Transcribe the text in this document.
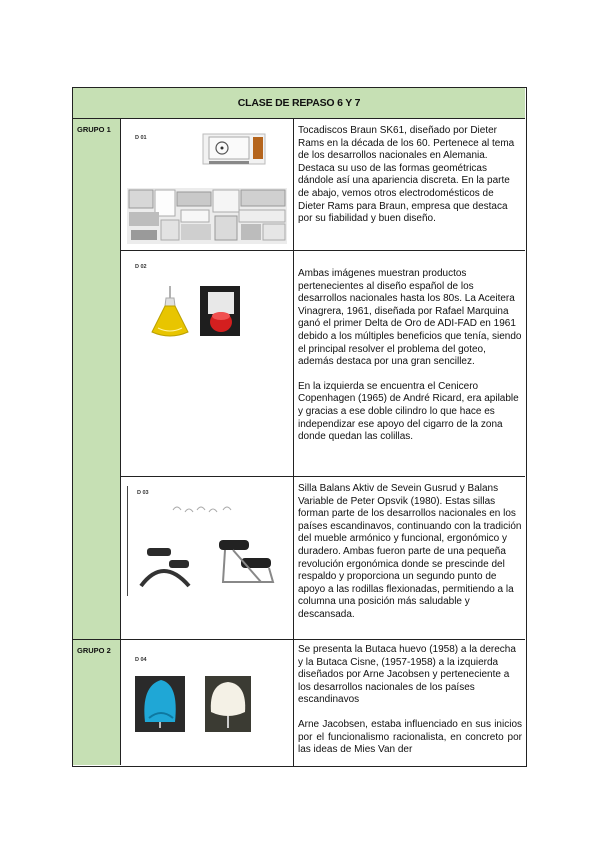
CLASE DE REPASO 6 Y 7
GRUPO 1
GRUPO 2
D 01

Tocadiscos Braun SK61, diseñado por Dieter Rams en la década de los 60. Pertenece al tema de los desarrollos nacionales en Alemania. Destaca su uso de las formas geométricas dándole así una apariencia discreta. En la parte de abajo, vemos otros electrodomésticos de Dieter Rams para Braun, empresa que destaca por su fiabilidad y buen diseño.

D 02

Ambas imágenes muestran productos pertenecientes al diseño español de los desarrollos nacionales hasta los 80s. La Aceitera Vinagrera, 1961, diseñada por Rafael Marquina ganó el primer Delta de Oro de ADI-FAD en 1961 debido a los múltiples beneficios que tenía, siendo el principal resolver el problema del goteo, además destaca por una gran sencillez.

En la izquierda se encuentra el Cenicero Copenhagen (1965) de André Ricard, era apilable y gracias a ese doble cilindro lo que hace es independizar ese apoyo del cigarro de la zona donde quedan las colillas.

D 03	Silla Balans Aktiv de Sevein Gusrud y Balans Variable de Peter Opsvik (1980). Estas sillas forman parte de los desarrollos nacionales en los países escandinavos, continuando con la tradición del mueble armónico y funcional, ergonómico y duradero. Ambas fueron parte de una pequeña revolución ergonómica donde se prescinde del respaldo y proporciona un segundo punto de apoyo a las rodillas flexionadas, permitiendo a la columna una posición más saludable y descansada.

D 04

Se presenta la Butaca huevo (1958) a la derecha y la Butaca Cisne, (1957-1958) a la izquierda diseñados por Arne Jacobsen y perteneciente a los desarrollos nacionales de los países escandinavos

Arne Jacobsen, estaba influenciado en sus inicios por el funcionalismo racionalista, en concreto por las ideas de Mies Van der
